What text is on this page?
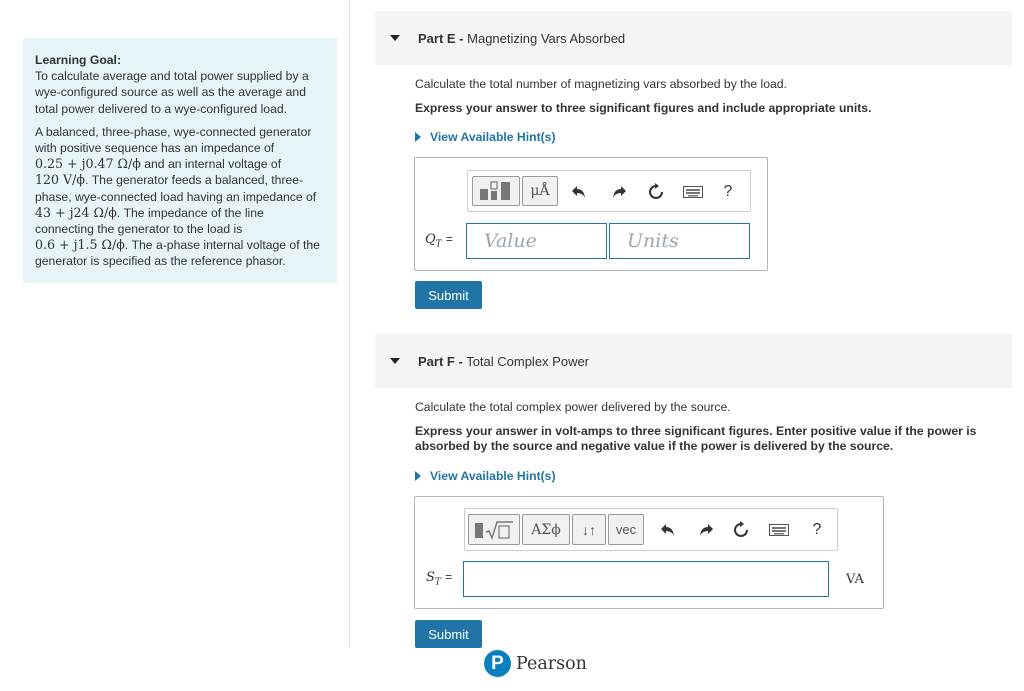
Learning Goal:
To calculate average and total power supplied by a wye-configured source as well as the average and total power delivered to a wye-configured load.
A balanced, three-phase, wye-connected generator with positive sequence has an impedance of
0.25 + j0.47 Ω/ϕ and an internal voltage of
120 V/ϕ. The generator feeds a balanced, three-phase, wye-connected load having an impedance of 43 + j24 Ω/ϕ. The impedance of the line connecting the generator to the load is
0.6 + j1.5 Ω/ϕ. The a-phase internal voltage of the generator is specified as the reference phasor.
Part E - Magnetizing Vars Absorbed
Calculate the total number of magnetizing vars absorbed by the load.
Express your answer to three significant figures and include appropriate units.
View Available Hint(s)
μÅ	?
$Q_T$ =	Value	Units
Submit
Part F - Total Complex Power
Calculate the total complex power delivered by the source.
Express your answer in volt-amps to three significant figures. Enter positive value if the power is absorbed by the source and negative value if the power is delivered by the source.
View Available Hint(s)
ΑΣϕ	↓↑	vec	?
$S_T$ =	VA
Submit
P Pearson
